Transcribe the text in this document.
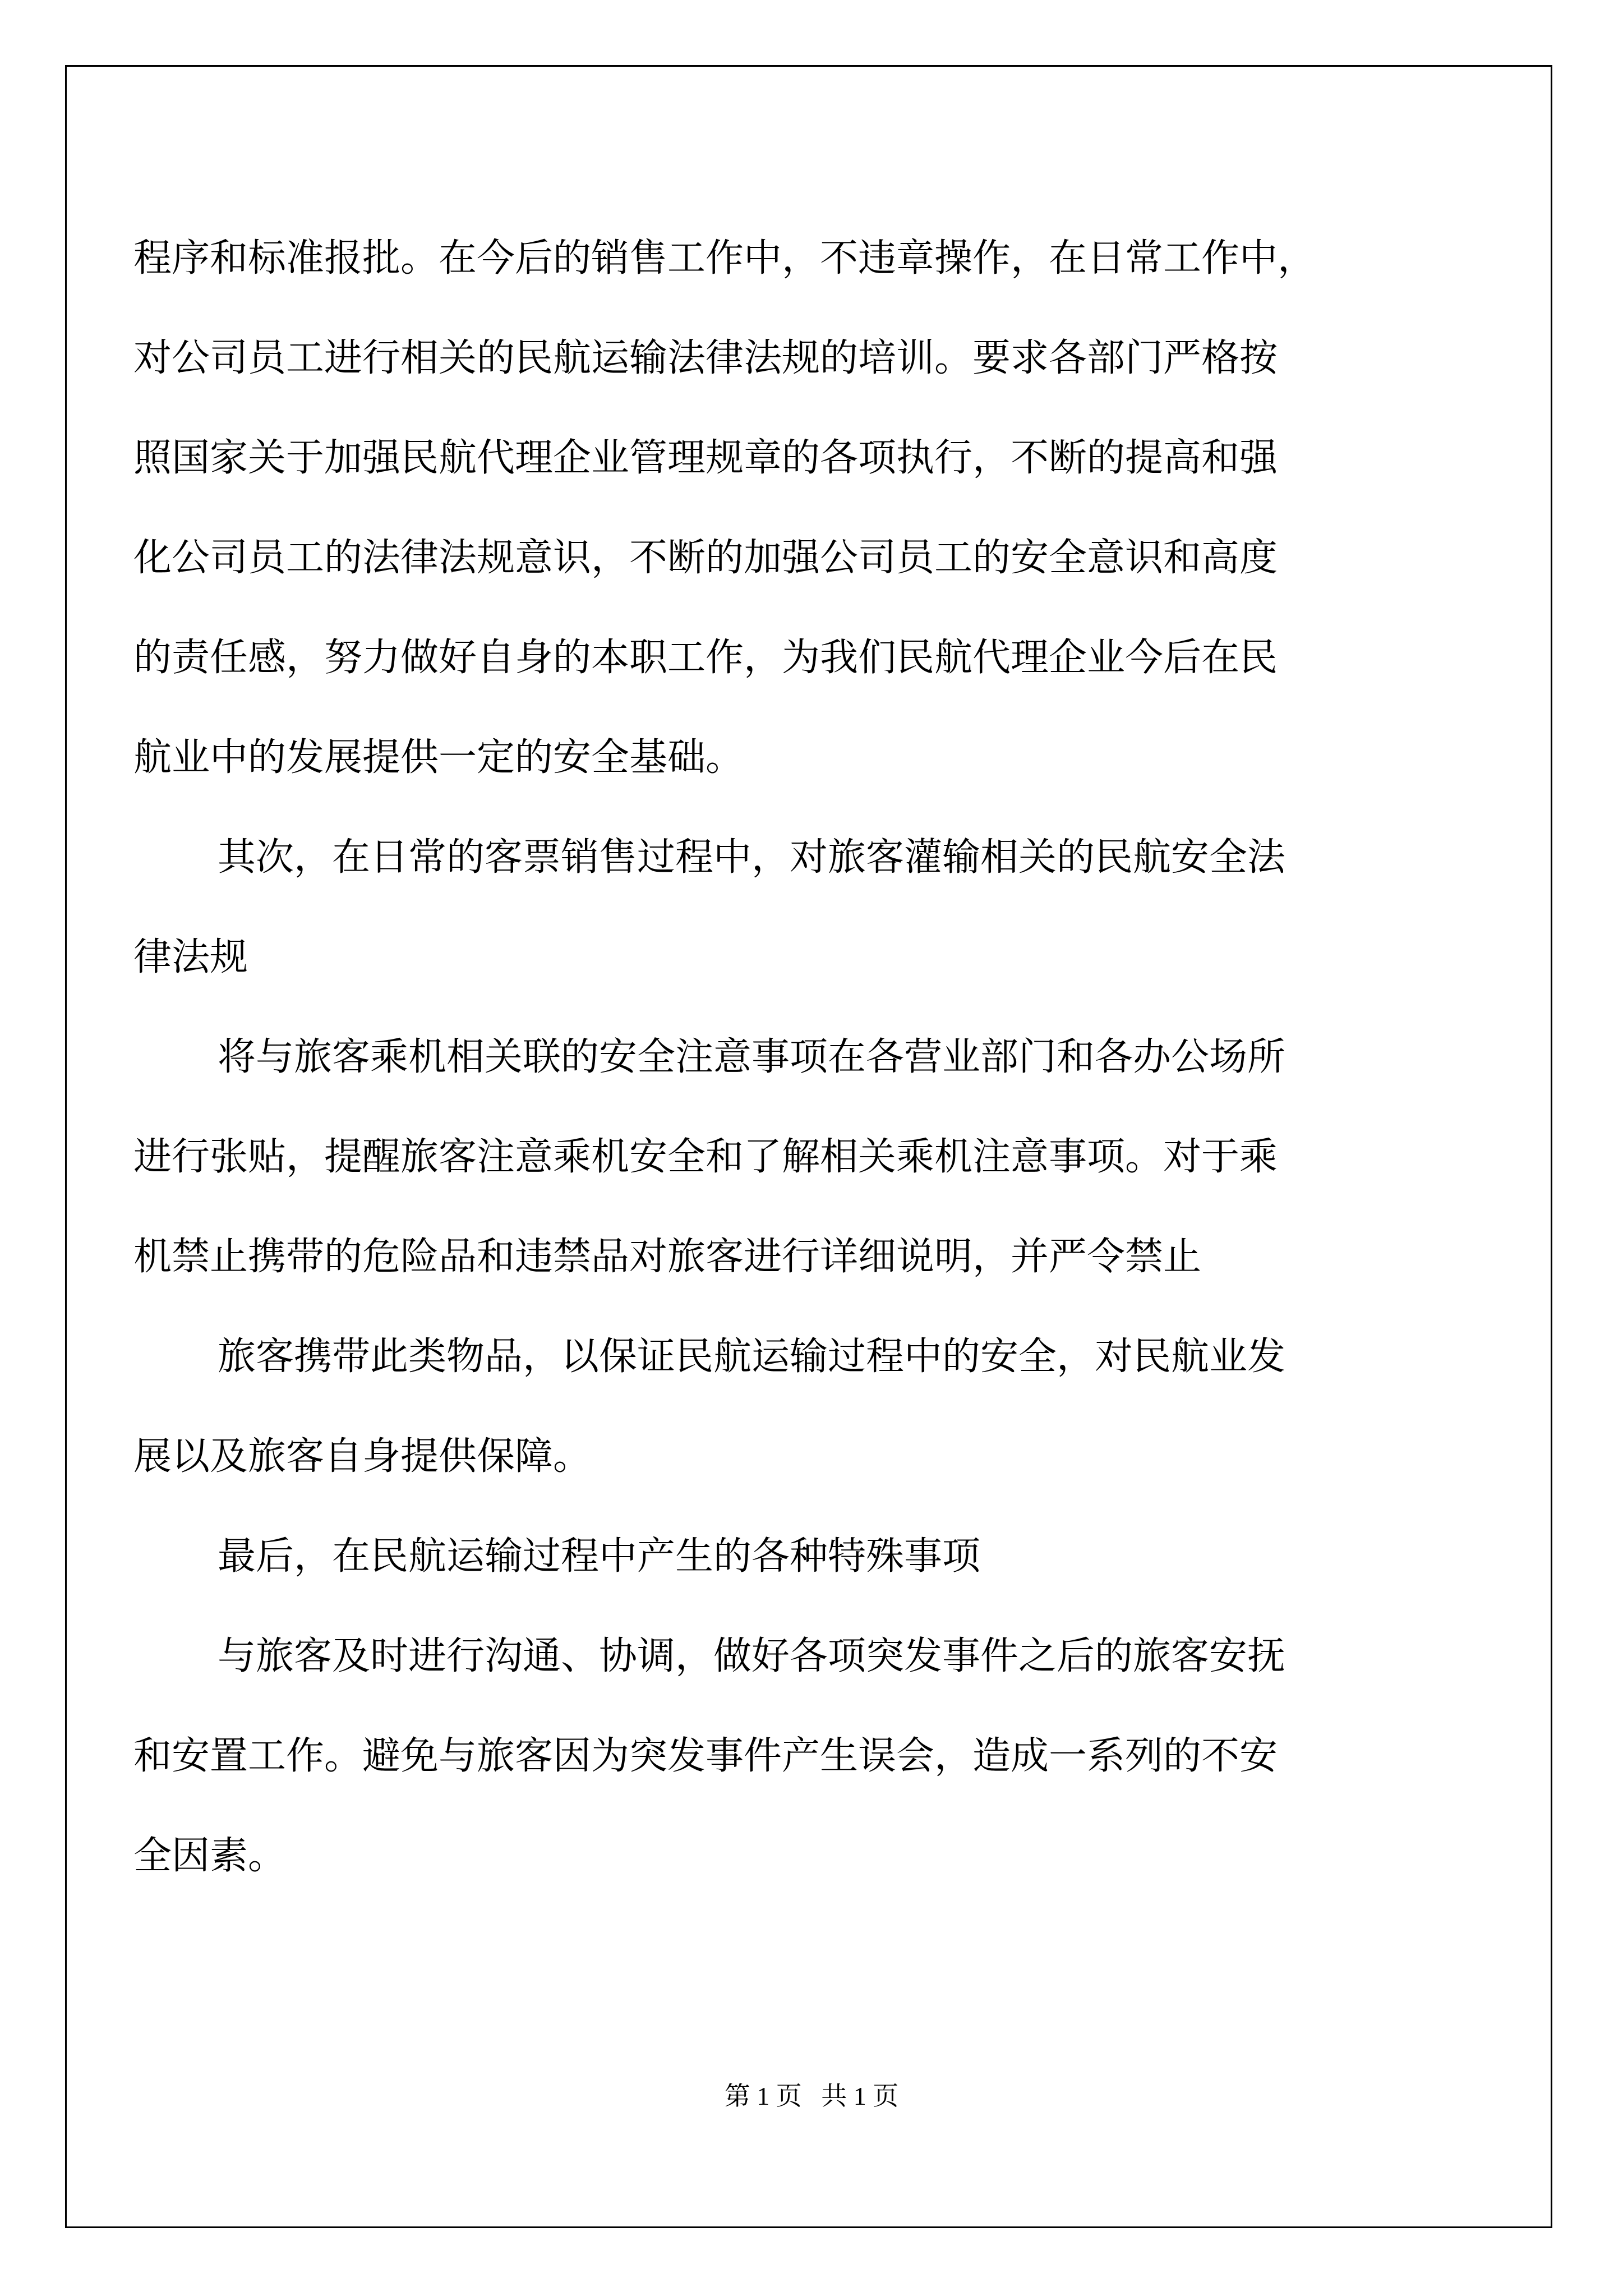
程序和标准报批。在今后的销售工作中，不违章操作，在日常工作中，
对公司员工进行相关的民航运输法律法规的培训。要求各部门严格按
照国家关于加强民航代理企业管理规章的各项执行，不断的提高和强
化公司员工的法律法规意识，不断的加强公司员工的安全意识和高度
的责任感，努力做好自身的本职工作，为我们民航代理企业今后在民
航业中的发展提供一定的安全基础。
其次，在日常的客票销售过程中，对旅客灌输相关的民航安全法
律法规
将与旅客乘机相关联的安全注意事项在各营业部门和各办公场所
进行张贴，提醒旅客注意乘机安全和了解相关乘机注意事项。对于乘
机禁止携带的危险品和违禁品对旅客进行详细说明，并严令禁止
旅客携带此类物品，以保证民航运输过程中的安全，对民航业发
展以及旅客自身提供保障。
最后，在民航运输过程中产生的各种特殊事项
与旅客及时进行沟通、协调，做好各项突发事件之后的旅客安抚
和安置工作。避免与旅客因为突发事件产生误会，造成一系列的不安
全因素。
第 1 页 共 1 页
